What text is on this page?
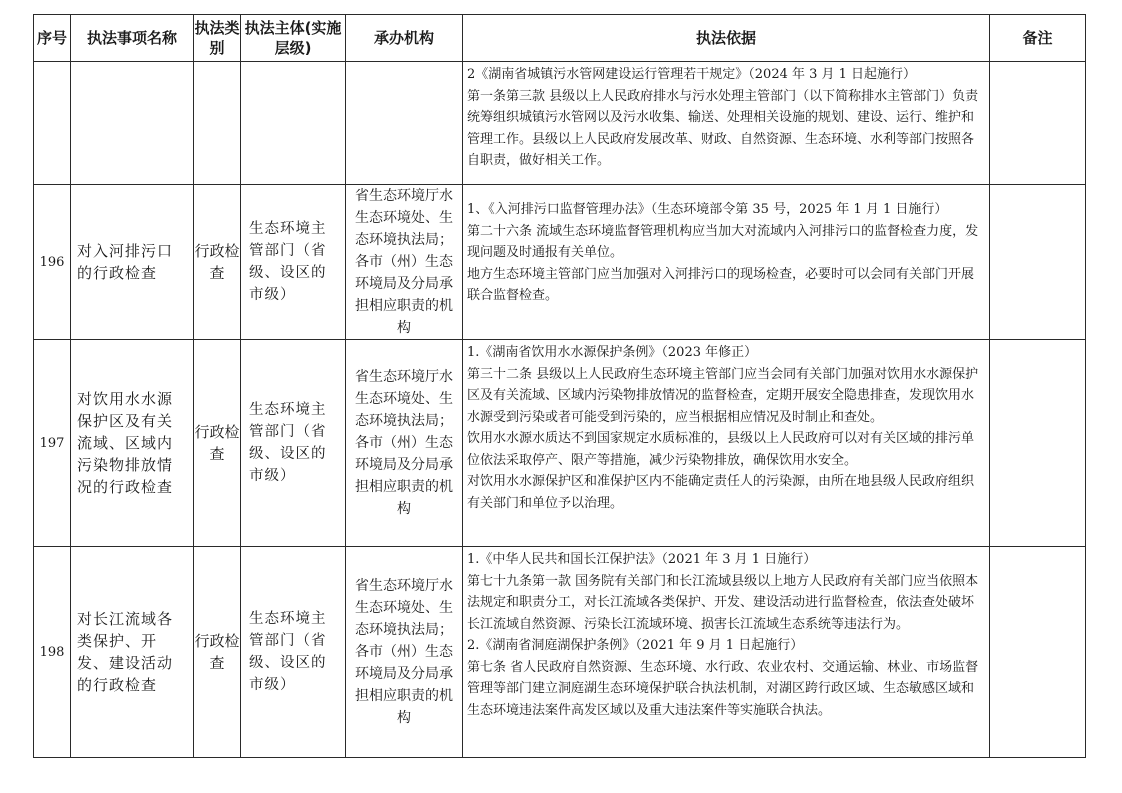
序号	执法事项名称	执法类别	执法主体(实施层级)	承办机构	执法依据	备注

					2《湖南省城镇污水管网建设运行管理若干规定》（2024 年 3 月 1 日起施行）

第一条第三款 县级以上人民政府排水与污水处理主管部门（以下简称排水主管部门）负责统筹组织城镇污水管网以及污水收集、输送、处理相关设施的规划、建设、运行、维护和管理工作。县级以上人民政府发展改革、财政、自然资源、生态环境、水利等部门按照各自职责，做好相关工作。	

196	对入河排污口的行政检查	行政检查	生态环境主管部门（省级、设区的市级）	省生态环境厅水生态环境处、生态环境执法局；各市（州）生态环境局及分局承担相应职责的机构	1、《入河排污口监督管理办法》（生态环境部令第 35 号，2025 年 1 月 1 日施行）

第二十六条 流域生态环境监督管理机构应当加大对流域内入河排污口的监督检查力度，发现问题及时通报有关单位。

地方生态环境主管部门应当加强对入河排污口的现场检查，必要时可以会同有关部门开展联合监督检查。	

197	对饮用水水源保护区及有关流域、区域内污染物排放情况的行政检查	行政检查	生态环境主管部门（省级、设区的市级）	省生态环境厅水生态环境处、生态环境执法局；各市（州）生态环境局及分局承担相应职责的机构	1.《湖南省饮用水水源保护条例》（2023 年修正）

第三十二条 县级以上人民政府生态环境主管部门应当会同有关部门加强对饮用水水源保护区及有关流域、区域内污染物排放情况的监督检查，定期开展安全隐患排查，发现饮用水水源受到污染或者可能受到污染的，应当根据相应情况及时制止和查处。

饮用水水源水质达不到国家规定水质标准的，县级以上人民政府可以对有关区域的排污单位依法采取停产、限产等措施，减少污染物排放，确保饮用水安全。

对饮用水水源保护区和准保护区内不能确定责任人的污染源，由所在地县级人民政府组织有关部门和单位予以治理。	

198	对长江流域各类保护、开发、建设活动的行政检查	行政检查	生态环境主管部门（省级、设区的市级）	省生态环境厅水生态环境处、生态环境执法局；各市（州）生态环境局及分局承担相应职责的机构	1.《中华人民共和国长江保护法》（2021 年 3 月 1 日施行）

第七十九条第一款 国务院有关部门和长江流域县级以上地方人民政府有关部门应当依照本法规定和职责分工，对长江流域各类保护、开发、建设活动进行监督检查，依法查处破坏长江流域自然资源、污染长江流域环境、损害长江流域生态系统等违法行为。

2.《湖南省洞庭湖保护条例》（2021 年 9 月 1 日起施行）

第七条 省人民政府自然资源、生态环境、水行政、农业农村、交通运输、林业、市场监督管理等部门建立洞庭湖生态环境保护联合执法机制，对湖区跨行政区域、生态敏感区域和生态环境违法案件高发区域以及重大违法案件等实施联合执法。	
